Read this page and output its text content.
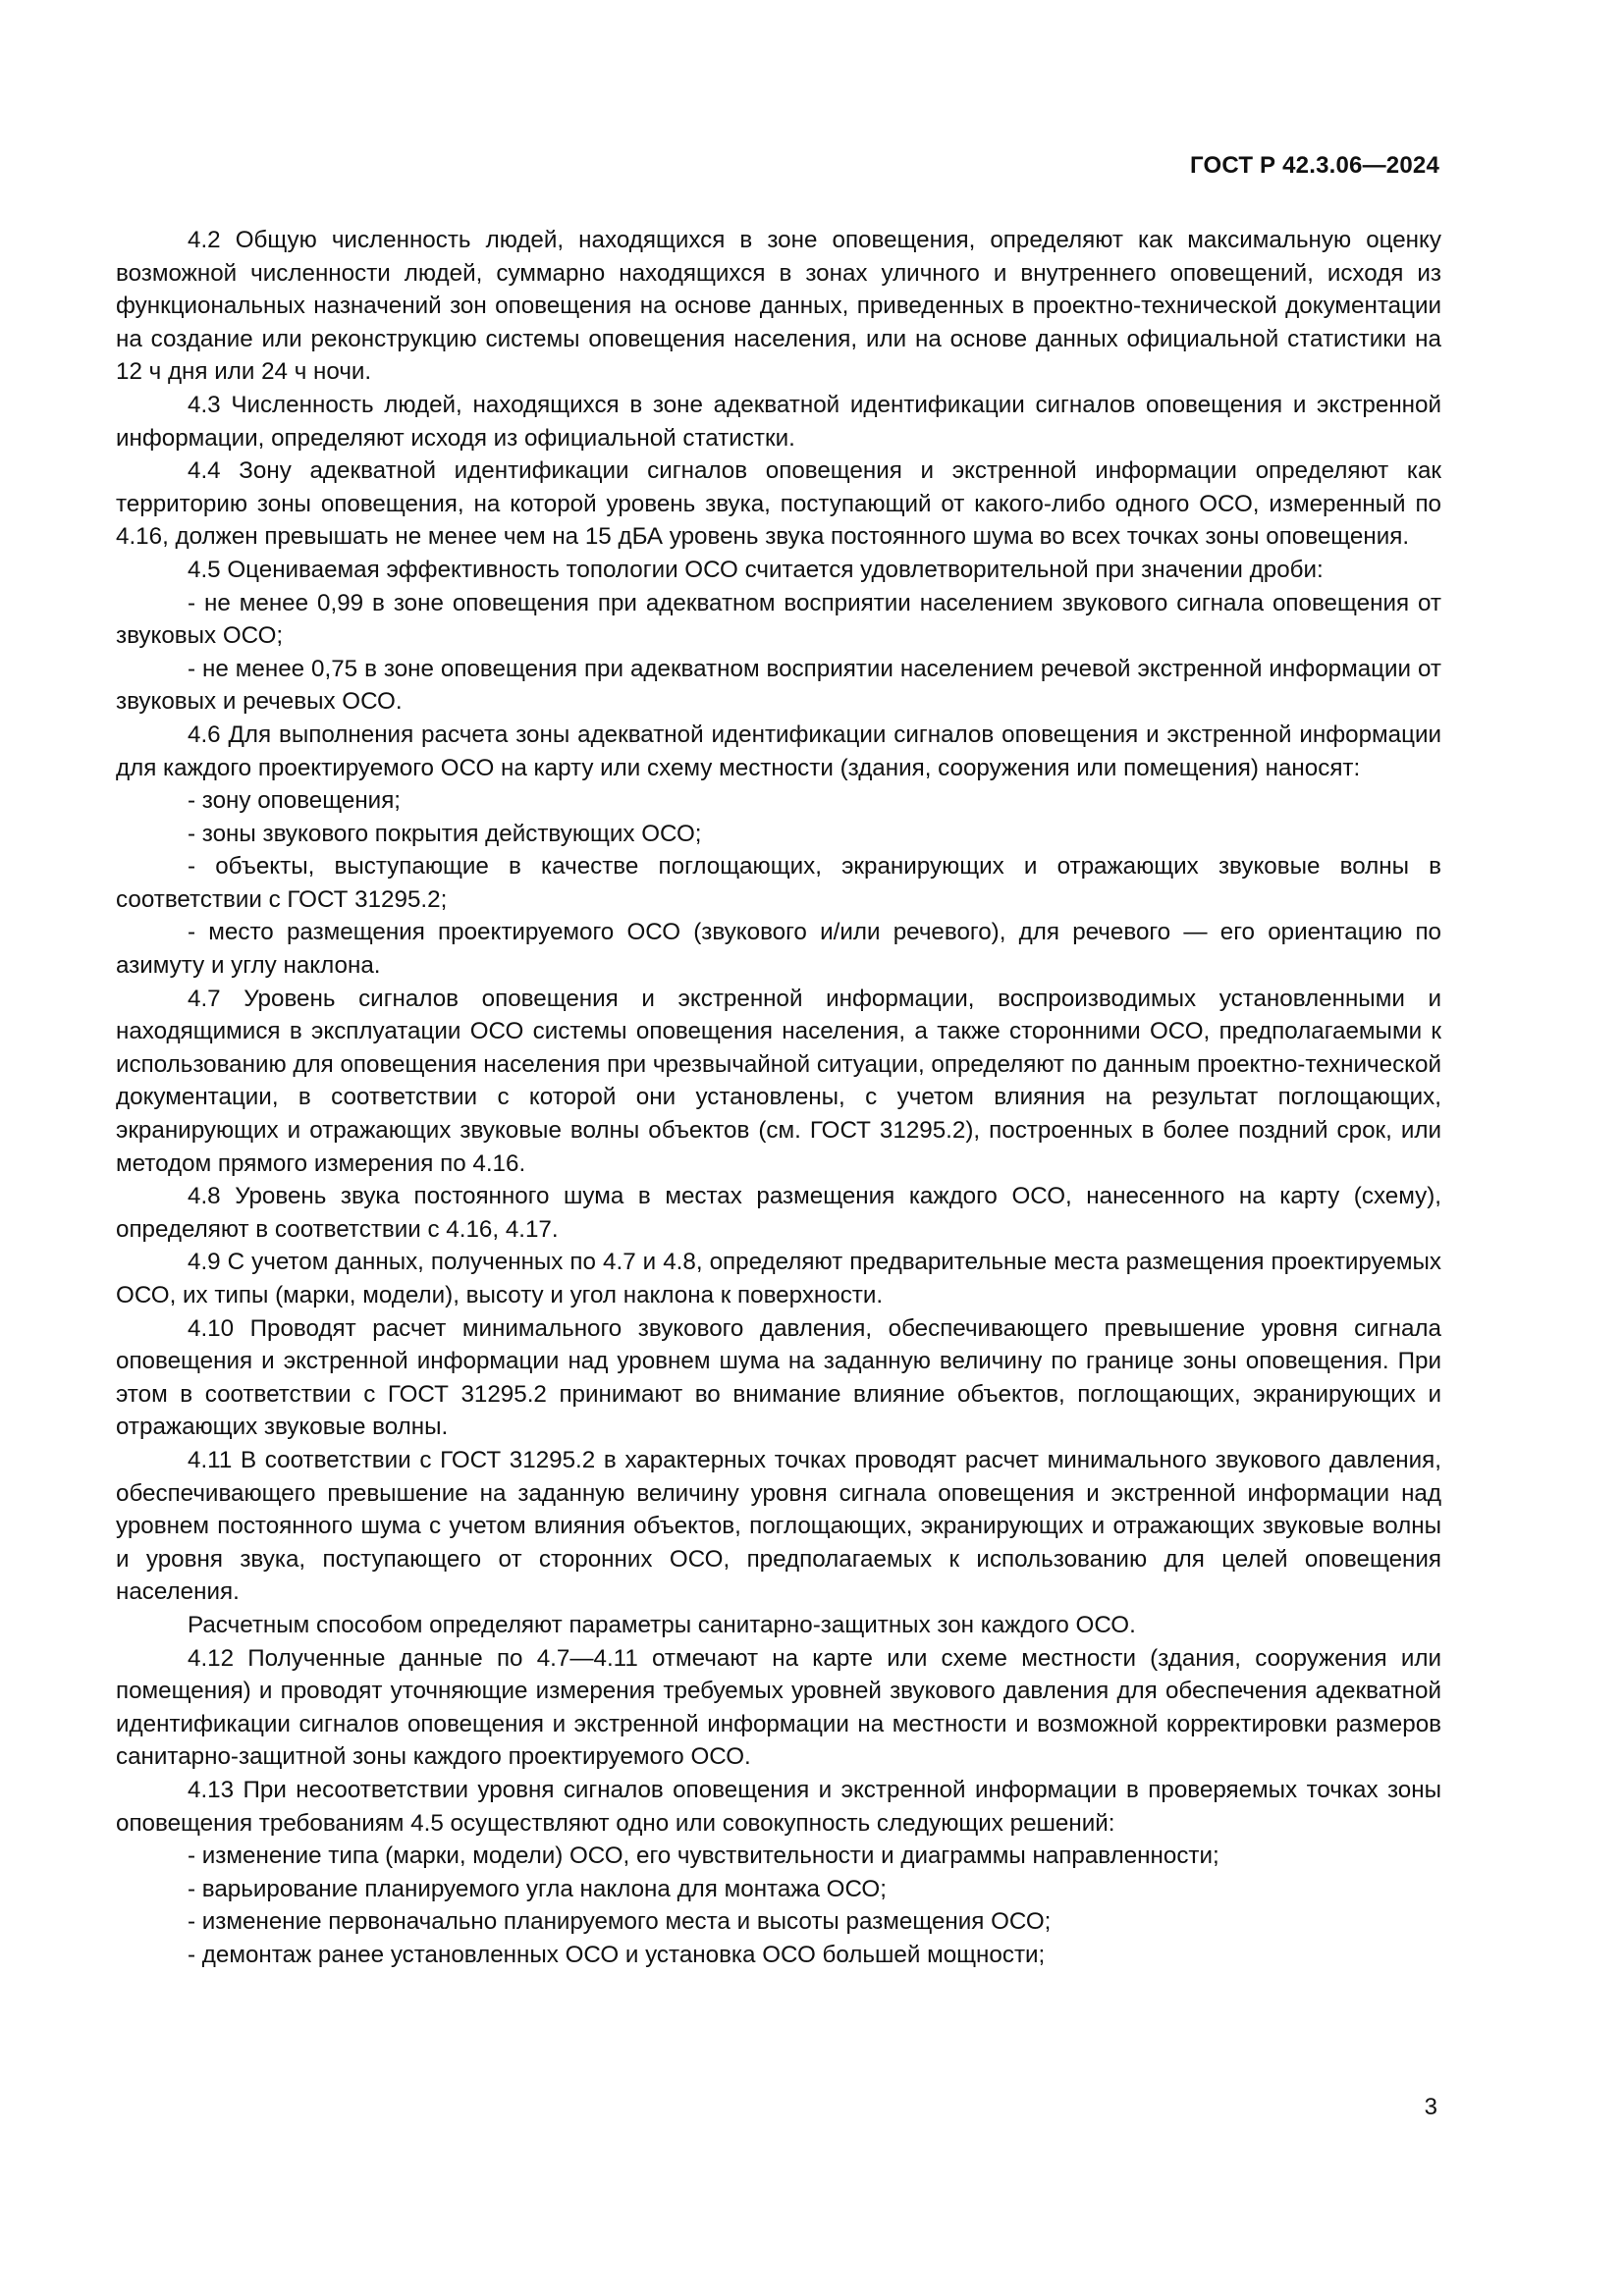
ГОСТ Р 42.3.06—2024

4.2 Общую численность людей, находящихся в зоне оповещения, определяют как максимальную оценку возможной численности людей, суммарно находящихся в зонах уличного и внутреннего оповещений, исходя из функциональных назначений зон оповещения на основе данных, приведенных в проектно-технической документации на создание или реконструкцию системы оповещения населения, или на основе данных официальной статистики на 12 ч дня или 24 ч ночи.

4.3 Численность людей, находящихся в зоне адекватной идентификации сигналов оповещения и экстренной информации, определяют исходя из официальной статистки.

4.4 Зону адекватной идентификации сигналов оповещения и экстренной информации определяют как территорию зоны оповещения, на которой уровень звука, поступающий от какого-либо одного ОСО, измеренный по 4.16, должен превышать не менее чем на 15 дБА уровень звука постоянного шума во всех точках зоны оповещения.

4.5 Оцениваемая эффективность топологии ОСО считается удовлетворительной при значении дроби:

- не менее 0,99 в зоне оповещения при адекватном восприятии населением звукового сигнала оповещения от звуковых ОСО;

- не менее 0,75 в зоне оповещения при адекватном восприятии населением речевой экстренной информации от звуковых и речевых ОСО.

4.6 Для выполнения расчета зоны адекватной идентификации сигналов оповещения и экстренной информации для каждого проектируемого ОСО на карту или схему местности (здания, сооружения или помещения) наносят:

- зону оповещения;

- зоны звукового покрытия действующих ОСО;

- объекты, выступающие в качестве поглощающих, экранирующих и отражающих звуковые волны в соответствии с ГОСТ 31295.2;

- место размещения проектируемого ОСО (звукового и/или речевого), для речевого — его ориентацию по азимуту и углу наклона.

4.7 Уровень сигналов оповещения и экстренной информации, воспроизводимых установленными и находящимися в эксплуатации ОСО системы оповещения населения, а также сторонними ОСО, предполагаемыми к использованию для оповещения населения при чрезвычайной ситуации, определяют по данным проектно-технической документации, в соответствии с которой они установлены, с учетом влияния на результат поглощающих, экранирующих и отражающих звуковые волны объектов (см. ГОСТ 31295.2), построенных в более поздний срок, или методом прямого измерения по 4.16.

4.8 Уровень звука постоянного шума в местах размещения каждого ОСО, нанесенного на карту (схему), определяют в соответствии с 4.16, 4.17.

4.9 С учетом данных, полученных по 4.7 и 4.8, определяют предварительные места размещения проектируемых ОСО, их типы (марки, модели), высоту и угол наклона к поверхности.

4.10 Проводят расчет минимального звукового давления, обеспечивающего превышение уровня сигнала оповещения и экстренной информации над уровнем шума на заданную величину по границе зоны оповещения. При этом в соответствии с ГОСТ 31295.2 принимают во внимание влияние объектов, поглощающих, экранирующих и отражающих звуковые волны.

4.11 В соответствии с ГОСТ 31295.2 в характерных точках проводят расчет минимального звукового давления, обеспечивающего превышение на заданную величину уровня сигнала оповещения и экстренной информации над уровнем постоянного шума с учетом влияния объектов, поглощающих, экранирующих и отражающих звуковые волны и уровня звука, поступающего от сторонних ОСО, предполагаемых к использованию для целей оповещения населения.

Расчетным способом определяют параметры санитарно-защитных зон каждого ОСО.

4.12 Полученные данные по 4.7—4.11 отмечают на карте или схеме местности (здания, сооружения или помещения) и проводят уточняющие измерения требуемых уровней звукового давления для обеспечения адекватной идентификации сигналов оповещения и экстренной информации на местности и возможной корректировки размеров санитарно-защитной зоны каждого проектируемого ОСО.

4.13 При несоответствии уровня сигналов оповещения и экстренной информации в проверяемых точках зоны оповещения требованиям 4.5 осуществляют одно или совокупность следующих решений:

- изменение типа (марки, модели) ОСО, его чувствительности и диаграммы направленности;

- варьирование планируемого угла наклона для монтажа ОСО;

- изменение первоначально планируемого места и высоты размещения ОСО;

- демонтаж ранее установленных ОСО и установка ОСО большей мощности;

3
